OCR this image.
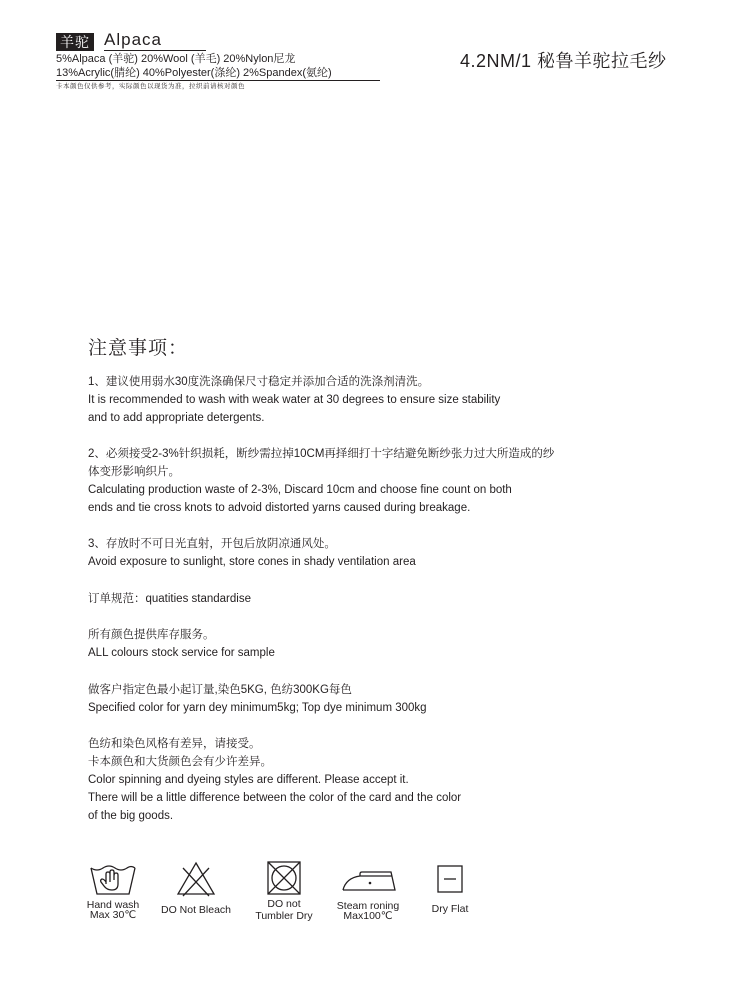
羊驼 Alpaca
5%Alpaca (羊驼) 20%Wool (羊毛) 20%Nylon尼龙
13%Acrylic(腈纶) 40%Polyester(涤纶) 2%Spandex(氨纶)
卡本颜色仅供参考，实际颜色以现货为准，拉织前请核对颜色
4.2NM/1 秘鲁羊驼拉毛纱
注意事项：
1、建议使用弱水30度洗涤确保尺寸稳定并添加合适的洗涤剂清洗。
It is recommended to wash with weak water at 30 degrees to ensure size stability
and to add appropriate detergents.
2、必须接受2-3%针织损耗，断纱需拉掉10CM再择细打十字结避免断纱张力过大所造成的纱
体变形影响织片。
Calculating production waste of 2-3%, Discard 10cm and choose fine count on both
ends and tie cross knots to advoid distorted yarns caused during breakage.
3、存放时不可日光直射，开包后放阴凉通风处。
Avoid exposure to sunlight, store cones in shady ventilation area
订单规范：quatities standardise
所有颜色提供库存服务。
ALL colours stock service for sample
做客户指定色最小起订量,染色5KG, 色纺300KG每色
Specified color for yarn dey minimum5kg; Top dye minimum 300kg
色纺和染色风格有差异，请接受。
卡本颜色和大货颜色会有少许差异。
Color spinning and dyeing styles are different. Please accept it.
There will be a little difference between the color of the card and the color
of the big goods.
Hand wash
Max 30℃ DO Not Bleach	DO not
Tumbler Dry
Steam roning
Max100℃
Dry Flat
